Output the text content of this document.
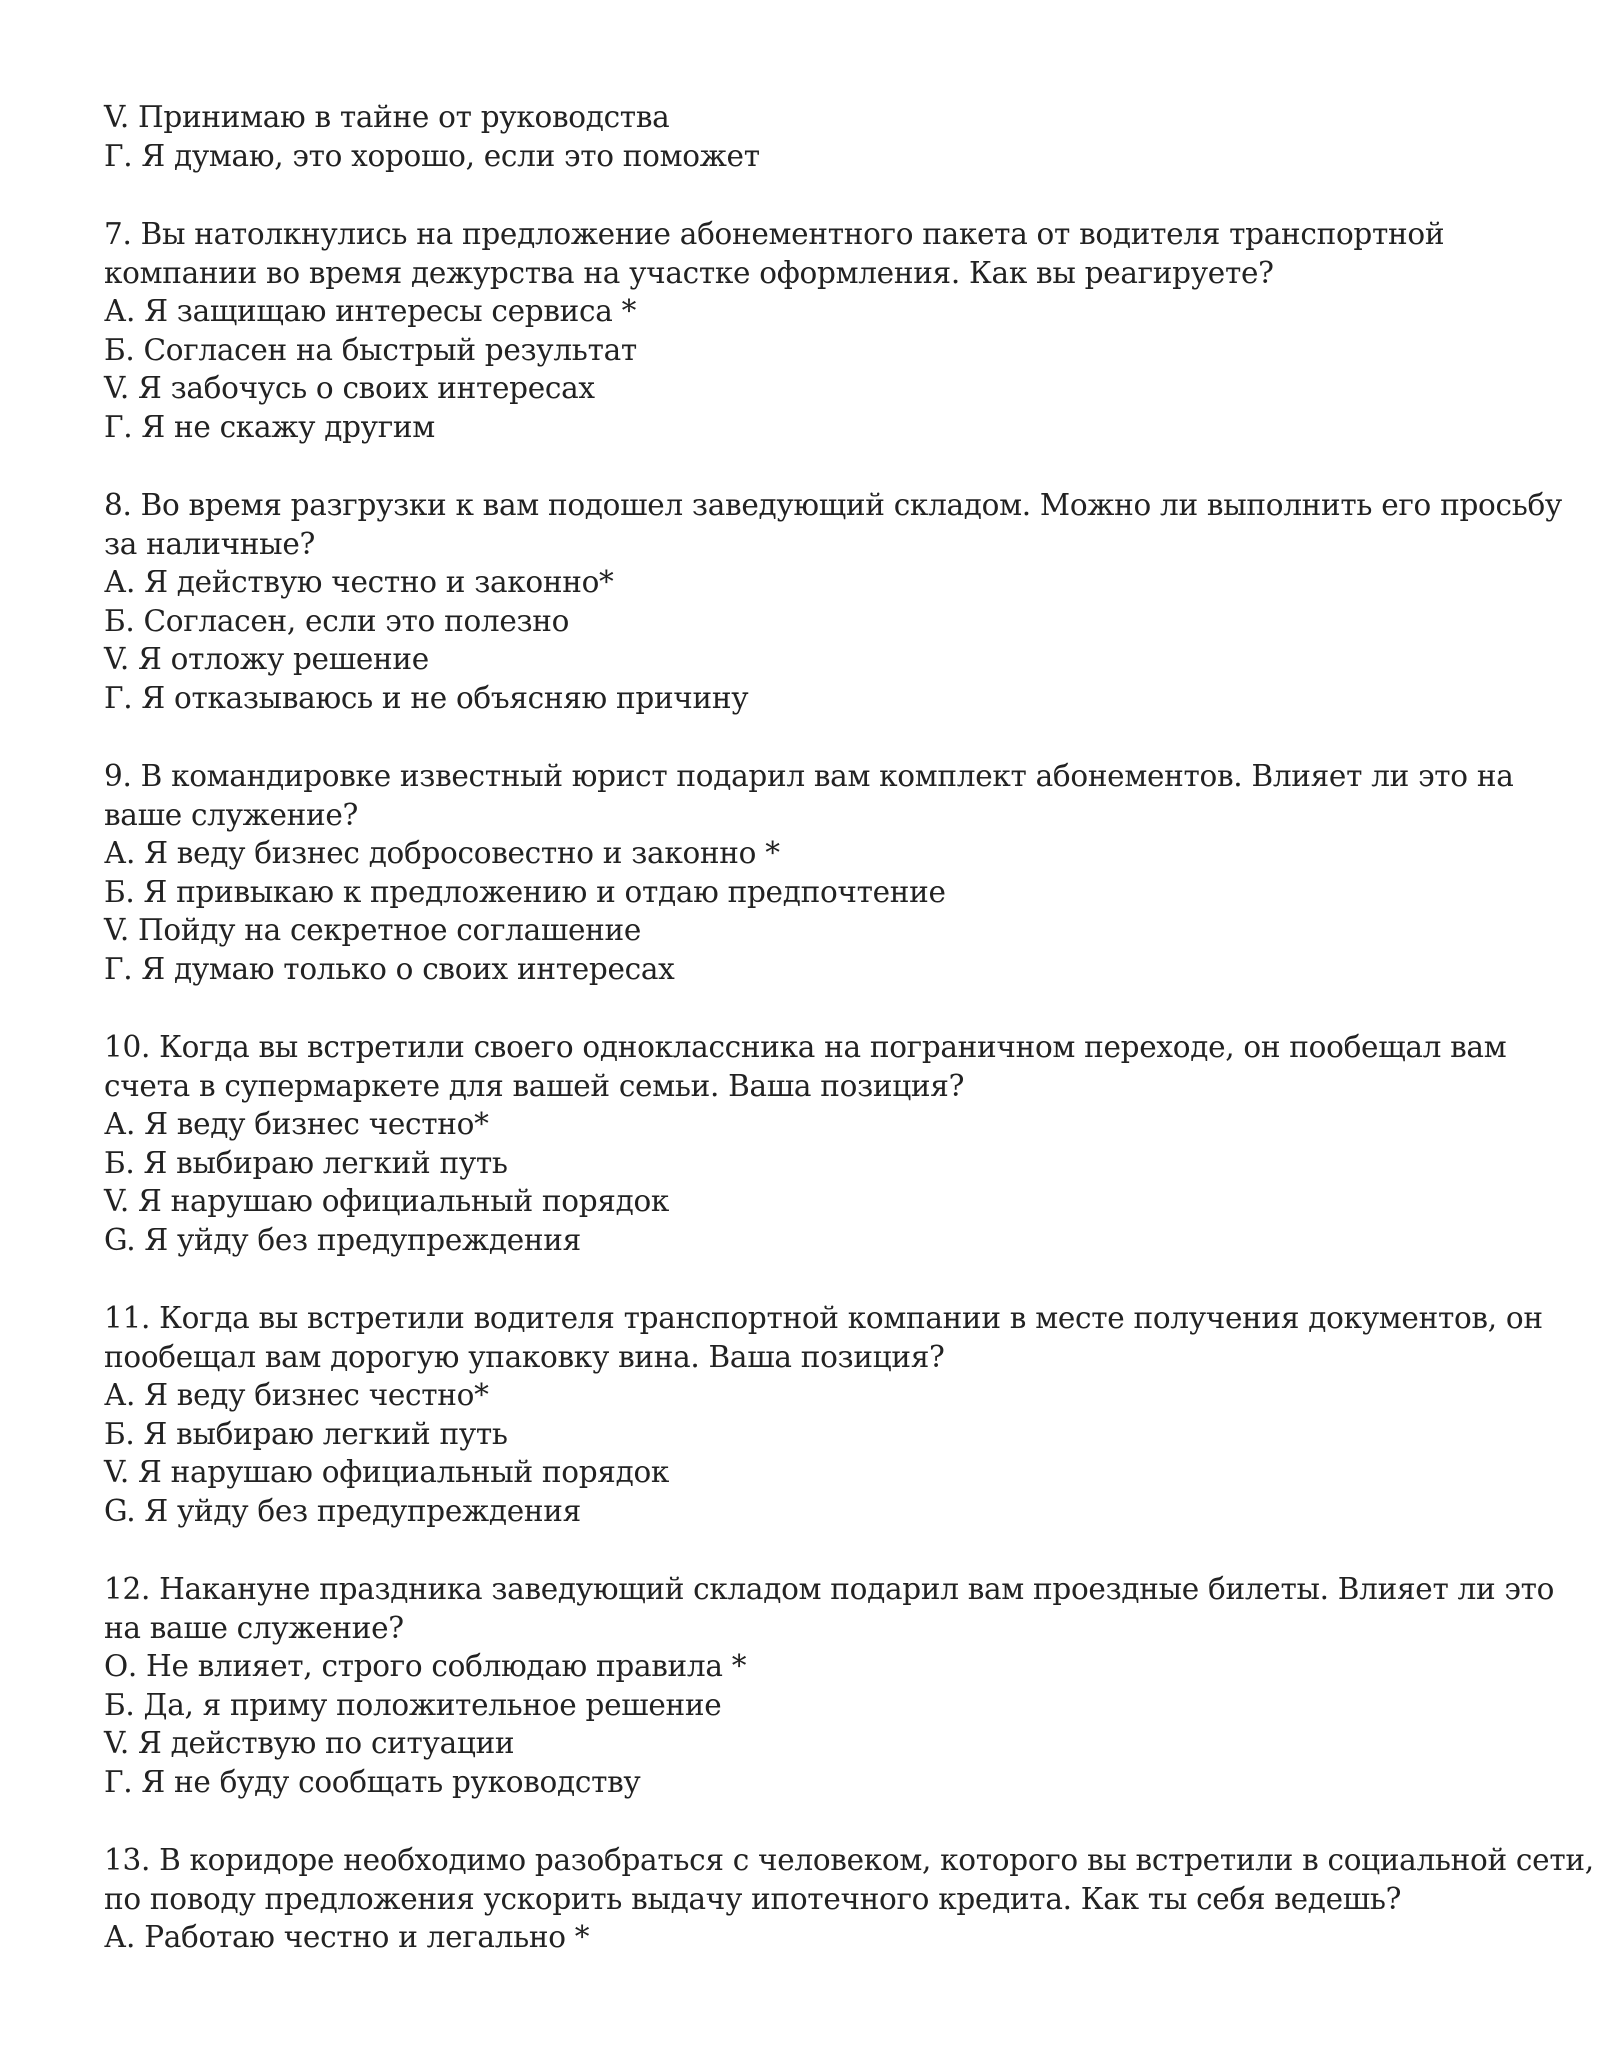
V. Принимаю в тайне от руководства
Г. Я думаю, это хорошо, если это поможет
7. Вы натолкнулись на предложение абонементного пакета от водителя транспортной
компании во время дежурства на участке оформления. Как вы реагируете?
А. Я защищаю интересы сервиса *
Б. Согласен на быстрый результат
V. Я забочусь о своих интересах
Г. Я не скажу другим
8. Во время разгрузки к вам подошел заведующий складом. Можно ли выполнить его просьбу
за наличные?
А. Я действую честно и законно*
Б. Согласен, если это полезно
V. Я отложу решение
Г. Я отказываюсь и не объясняю причину
9. В командировке известный юрист подарил вам комплект абонементов. Влияет ли это на
ваше служение?
А. Я веду бизнес добросовестно и законно *
Б. Я привыкаю к предложению и отдаю предпочтение
V. Пойду на секретное соглашение
Г. Я думаю только о своих интересах
10. Когда вы встретили своего одноклассника на пограничном переходе, он пообещал вам
счета в супермаркете для вашей семьи. Ваша позиция?
А. Я веду бизнес честно*
Б. Я выбираю легкий путь
V. Я нарушаю официальный порядок
G. Я уйду без предупреждения
11. Когда вы встретили водителя транспортной компании в месте получения документов, он
пообещал вам дорогую упаковку вина. Ваша позиция?
А. Я веду бизнес честно*
Б. Я выбираю легкий путь
V. Я нарушаю официальный порядок
G. Я уйду без предупреждения
12. Накануне праздника заведующий складом подарил вам проездные билеты. Влияет ли это
на ваше служение?
О. Не влияет, строго соблюдаю правила *
Б. Да, я приму положительное решение
V. Я действую по ситуации
Г. Я не буду сообщать руководству
13. В коридоре необходимо разобраться с человеком, которого вы встретили в социальной сети,
по поводу предложения ускорить выдачу ипотечного кредита. Как ты себя ведешь?
А. Работаю честно и легально *
